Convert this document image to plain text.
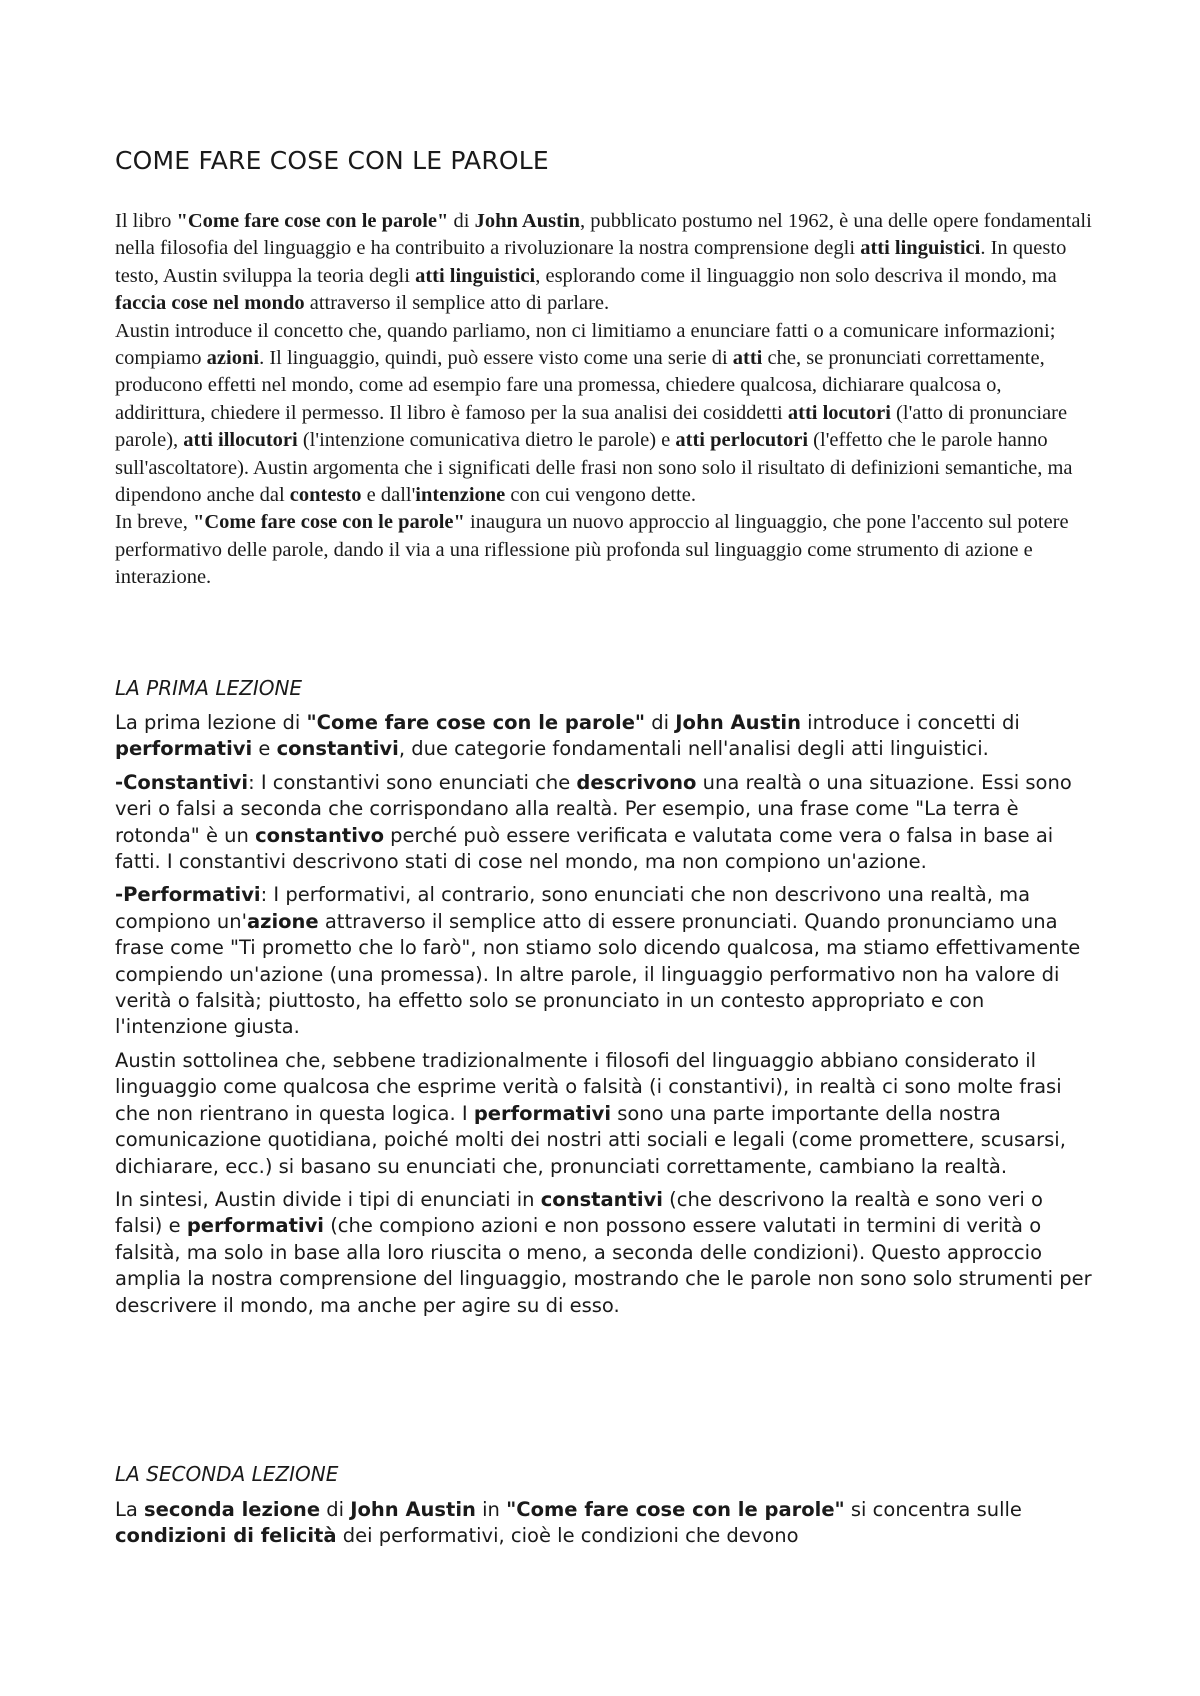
COME FARE COSE CON LE PAROLE

Il libro "Come fare cose con le parole" di John Austin, pubblicato postumo nel 1962, è una delle opere fondamentali nella filosofia del linguaggio e ha contribuito a rivoluzionare la nostra comprensione degli atti linguistici. In questo testo, Austin sviluppa la teoria degli atti linguistici, esplorando come il linguaggio non solo descriva il mondo, ma faccia cose nel mondo attraverso il semplice atto di parlare.

Austin introduce il concetto che, quando parliamo, non ci limitiamo a enunciare fatti o a comunicare informazioni; compiamo azioni. Il linguaggio, quindi, può essere visto come una serie di atti che, se pronunciati correttamente, producono effetti nel mondo, come ad esempio fare una promessa, chiedere qualcosa, dichiarare qualcosa o, addirittura, chiedere il permesso. Il libro è famoso per la sua analisi dei cosiddetti atti locutori (l'atto di pronunciare parole), atti illocutori (l'intenzione comunicativa dietro le parole) e atti perlocutori (l'effetto che le parole hanno sull'ascoltatore). Austin argomenta che i significati delle frasi non sono solo il risultato di definizioni semantiche, ma dipendono anche dal contesto e dall'intenzione con cui vengono dette.

In breve, "Come fare cose con le parole" inaugura un nuovo approccio al linguaggio, che pone l'accento sul potere performativo delle parole, dando il via a una riflessione più profonda sul linguaggio come strumento di azione e interazione.

LA PRIMA LEZIONE

La prima lezione di "Come fare cose con le parole" di John Austin introduce i concetti di performativi e constantivi, due categorie fondamentali nell'analisi degli atti linguistici.

-Constantivi: I constantivi sono enunciati che descrivono una realtà o una situazione. Essi sono veri o falsi a seconda che corrispondano alla realtà. Per esempio, una frase come "La terra è rotonda" è un constantivo perché può essere verificata e valutata come vera o falsa in base ai fatti. I constantivi descrivono stati di cose nel mondo, ma non compiono un'azione.

-Performativi: I performativi, al contrario, sono enunciati che non descrivono una realtà, ma compiono un'azione attraverso il semplice atto di essere pronunciati. Quando pronunciamo una frase come "Ti prometto che lo farò", non stiamo solo dicendo qualcosa, ma stiamo effettivamente compiendo un'azione (una promessa). In altre parole, il linguaggio performativo non ha valore di verità o falsità; piuttosto, ha effetto solo se pronunciato in un contesto appropriato e con l'intenzione giusta.

Austin sottolinea che, sebbene tradizionalmente i filosofi del linguaggio abbiano considerato il linguaggio come qualcosa che esprime verità o falsità (i constantivi), in realtà ci sono molte frasi che non rientrano in questa logica. I performativi sono una parte importante della nostra comunicazione quotidiana, poiché molti dei nostri atti sociali e legali (come promettere, scusarsi, dichiarare, ecc.) si basano su enunciati che, pronunciati correttamente, cambiano la realtà.

In sintesi, Austin divide i tipi di enunciati in constantivi (che descrivono la realtà e sono veri o falsi) e performativi (che compiono azioni e non possono essere valutati in termini di verità o falsità, ma solo in base alla loro riuscita o meno, a seconda delle condizioni). Questo approccio amplia la nostra comprensione del linguaggio, mostrando che le parole non sono solo strumenti per descrivere il mondo, ma anche per agire su di esso.

LA SECONDA LEZIONE

La seconda lezione di John Austin in "Come fare cose con le parole" si concentra sulle condizioni di felicità dei performativi, cioè le condizioni che devono
